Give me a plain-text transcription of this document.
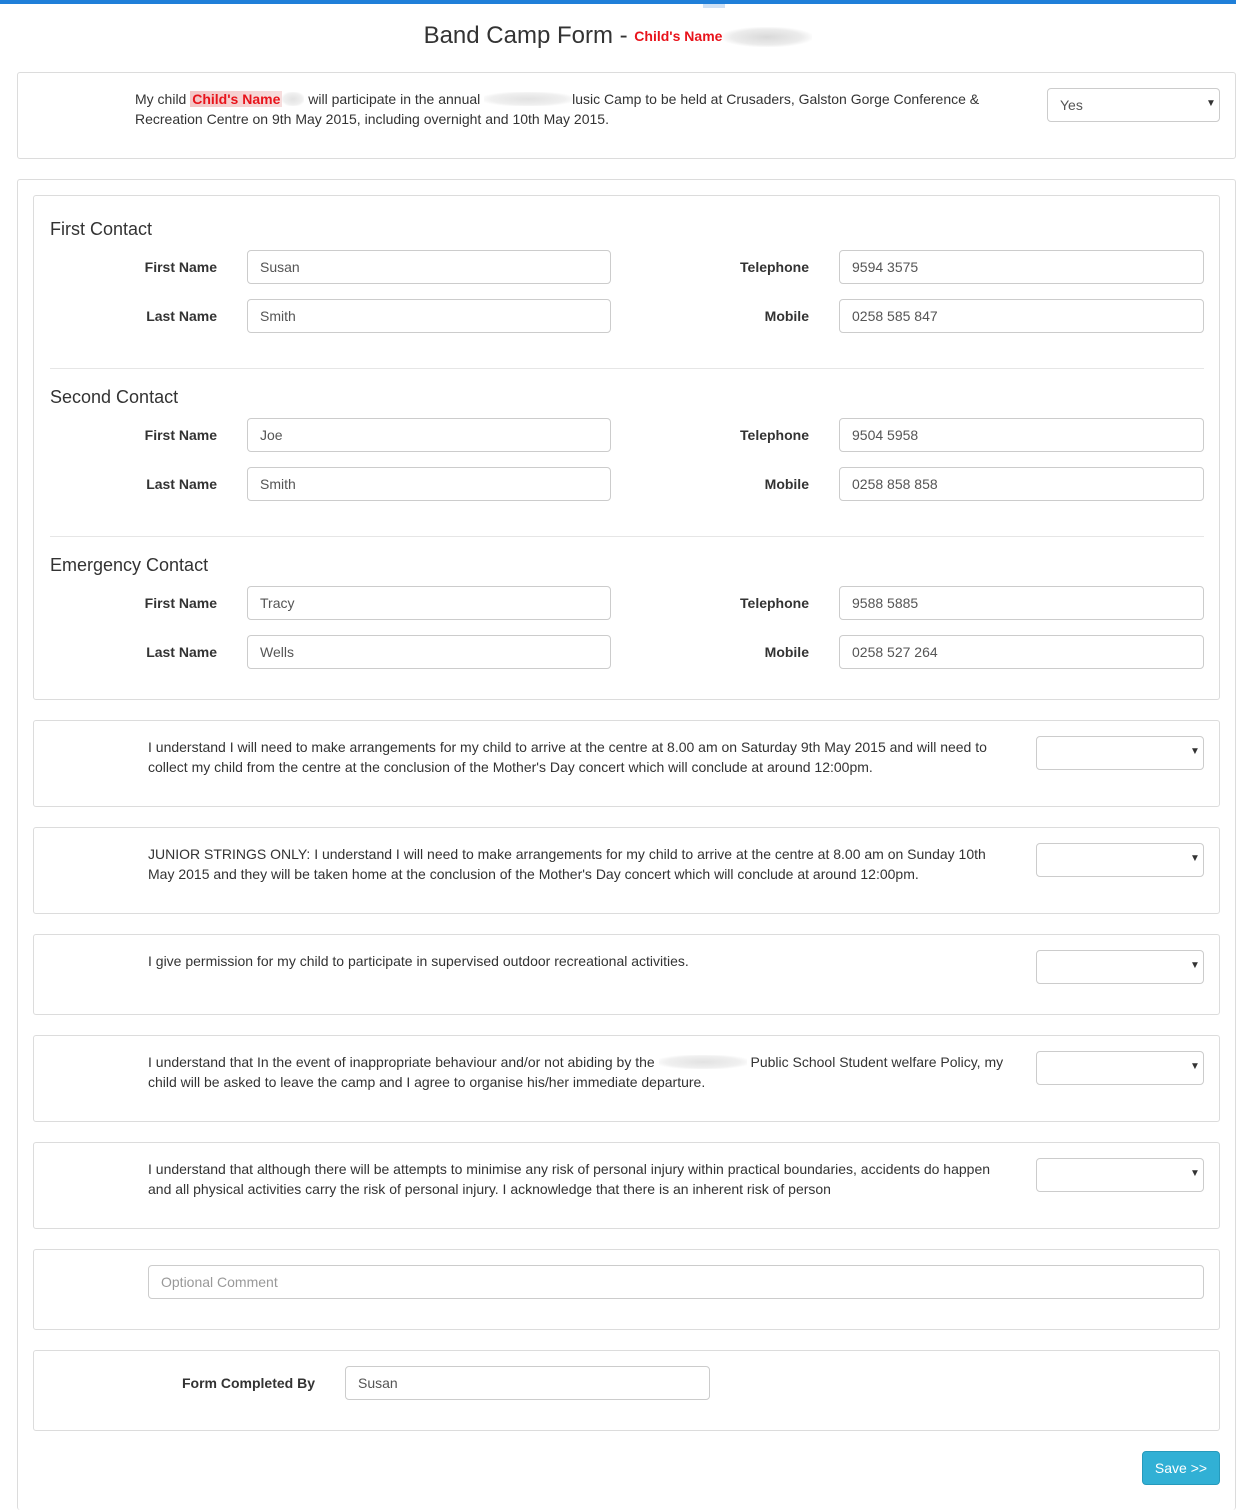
Band Camp Form - Child's Name
My child Child's Name will participate in the annual	lusic Camp to be held at Crusaders, Galston Gorge Conference & Recreation Centre on 9th May 2015, including overnight and 10th May 2015.
Yes
▼
First Contact
First Name
Susan
Last Name
Smith
Telephone
9594 3575
Mobile
0258 585 847
Second Contact
First Name
Joe
Last Name
Smith
Telephone
9504 5958
Mobile
0258 858 858
Emergency Contact
First Name
Tracy
Last Name
Wells
Telephone
9588 5885
Mobile
0258 527 264
I understand I will need to make arrangements for my child to arrive at the centre at 8.00 am on Saturday 9th May 2015 and will need to collect my child from the centre at the conclusion of the Mother's Day concert which will conclude at around 12:00pm.
▼
JUNIOR STRINGS ONLY: I understand I will need to make arrangements for my child to arrive at the centre at 8.00 am on Sunday 10th May 2015 and they will be taken home at the conclusion of the Mother's Day concert which will conclude at around 12:00pm.
▼
I give permission for my child to participate in supervised outdoor recreational activities.	▼
I understand that In the event of inappropriate behaviour and/or not abiding by the	Public School Student welfare Policy, my child will be asked to leave the camp and I agree to organise his/her immediate departure.
▼
I understand that although there will be attempts to minimise any risk of personal injury within practical boundaries, accidents do happen and all physical activities carry the risk of personal injury. I acknowledge that there is an inherent risk of person
▼
Optional Comment
Form Completed By
Susan
Save >>
